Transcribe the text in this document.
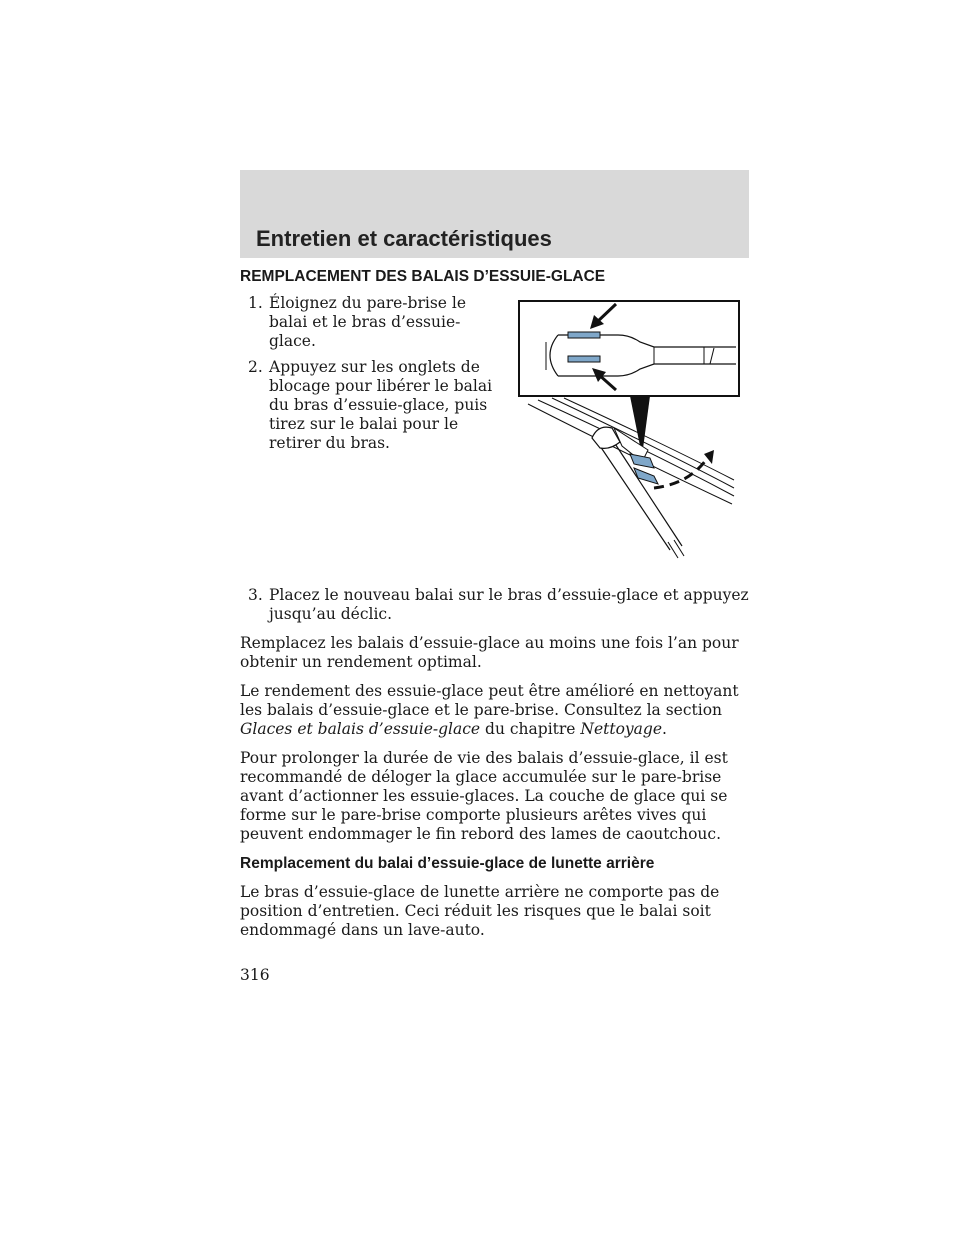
Entretien et caractéristiques
REMPLACEMENT DES BALAIS D’ESSUIE-GLACE
1. Éloignez du pare-brise le balai et le bras d’essuie-glace.
2. Appuyez sur les onglets de blocage pour libérer le balai du bras d’essuie-glace, puis tirez sur le balai pour le retirer du bras.
3. Placez le nouveau balai sur le bras d’essuie-glace et appuyez jusqu’au déclic.

Remplacez les balais d’essuie-glace au moins une fois l’an pour obtenir un rendement optimal.

Le rendement des essuie-glace peut être amélioré en nettoyant les balais d’essuie-glace et le pare-brise. Consultez la section Glaces et balais d’essuie-glace du chapitre Nettoyage.

Pour prolonger la durée de vie des balais d’essuie-glace, il est recommandé de déloger la glace accumulée sur le pare-brise avant d’actionner les essuie-glaces. La couche de glace qui se forme sur le pare-brise comporte plusieurs arêtes vives qui peuvent endommager le fin rebord des lames de caoutchouc.

Remplacement du balai d’essuie-glace de lunette arrière

Le bras d’essuie-glace de lunette arrière ne comporte pas de position d’entretien. Ceci réduit les risques que le balai soit endommagé dans un lave-auto.

316
